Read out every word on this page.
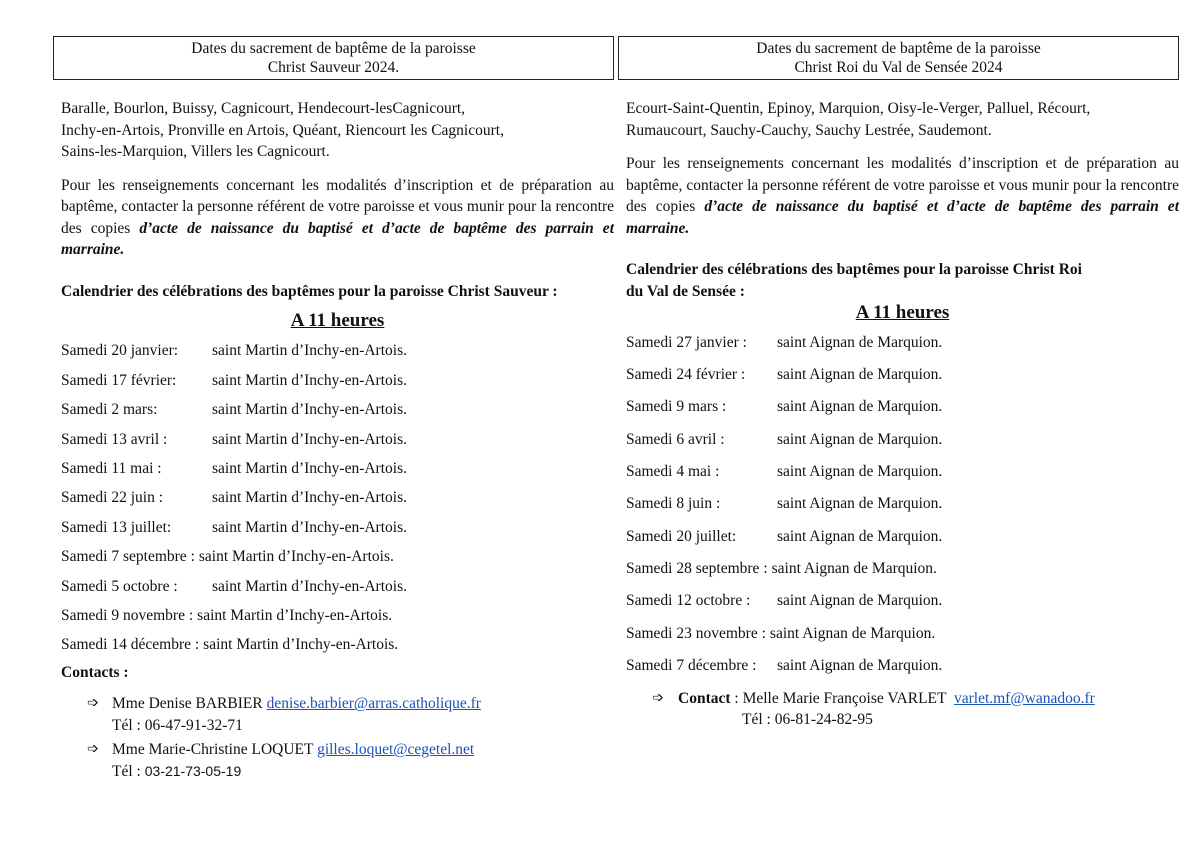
Dates du sacrement de baptême de la paroisse
Christ Sauveur 2024.
Baralle, Bourlon, Buissy, Cagnicourt, Hendecourt-lesCagnicourt,
Inchy-en-Artois, Pronville en Artois, Quéant, Riencourt les Cagnicourt,
Sains-les-Marquion, Villers les Cagnicourt.

Pour les renseignements concernant les modalités d’inscription et de préparation au baptême, contacter la personne référent de votre paroisse et vous munir pour la rencontre des copies d’acte de naissance du baptisé et d’acte de baptême des parrain et marraine.

Calendrier des célébrations des baptêmes pour la paroisse Christ Sauveur :

A 11 heures

Samedi 20 janvier:	saint Martin d’Inchy-en-Artois.
Samedi 17 février:	saint Martin d’Inchy-en-Artois.
Samedi 2 mars:	saint Martin d’Inchy-en-Artois.
Samedi 13 avril :	saint Martin d’Inchy-en-Artois.
Samedi 11 mai :	saint Martin d’Inchy-en-Artois.
Samedi 22 juin :	saint Martin d’Inchy-en-Artois.
Samedi 13 juillet:	saint Martin d’Inchy-en-Artois.
Samedi 7 septembre : saint Martin d’Inchy-en-Artois.
Samedi 5 octobre :	saint Martin d’Inchy-en-Artois.
Samedi 9 novembre : saint Martin d’Inchy-en-Artois.
Samedi 14 décembre : saint Martin d’Inchy-en-Artois.
Contacts :
➩ Mme Denise BARBIER denise.barbier@arras.catholique.fr
Tél : 06-47-91-32-71
➩ Mme Marie-Christine LOQUET gilles.loquet@cegetel.net
Tél : 03-21-73-05-19
Dates du sacrement de baptême de la paroisse
Christ Roi du Val de Sensée 2024
Ecourt-Saint-Quentin, Epinoy, Marquion, Oisy-le-Verger, Palluel, Récourt,
Rumaucourt, Sauchy-Cauchy, Sauchy Lestrée, Saudemont.

Pour les renseignements concernant les modalités d’inscription et de préparation au baptême, contacter la personne référent de votre paroisse et vous munir pour la rencontre des copies d’acte de naissance du baptisé et d’acte de baptême des parrain et marraine.

Calendrier des célébrations des baptêmes pour la paroisse Christ Roi
du Val de Sensée :

A 11 heures

Samedi 27 janvier :	saint Aignan de Marquion.
Samedi 24 février :	saint Aignan de Marquion.
Samedi 9 mars :	saint Aignan de Marquion.
Samedi 6 avril :	saint Aignan de Marquion.
Samedi 4 mai :	saint Aignan de Marquion.
Samedi 8 juin :	saint Aignan de Marquion.
Samedi 20 juillet:	saint Aignan de Marquion.
Samedi 28 septembre : saint Aignan de Marquion.
Samedi 12 octobre :	saint Aignan de Marquion.
Samedi 23 novembre : saint Aignan de Marquion.
Samedi 7 décembre :	saint Aignan de Marquion.
➩ Contact : Melle Marie Françoise VARLET varlet.mf@wanadoo.fr
Tél : 06-81-24-82-95
